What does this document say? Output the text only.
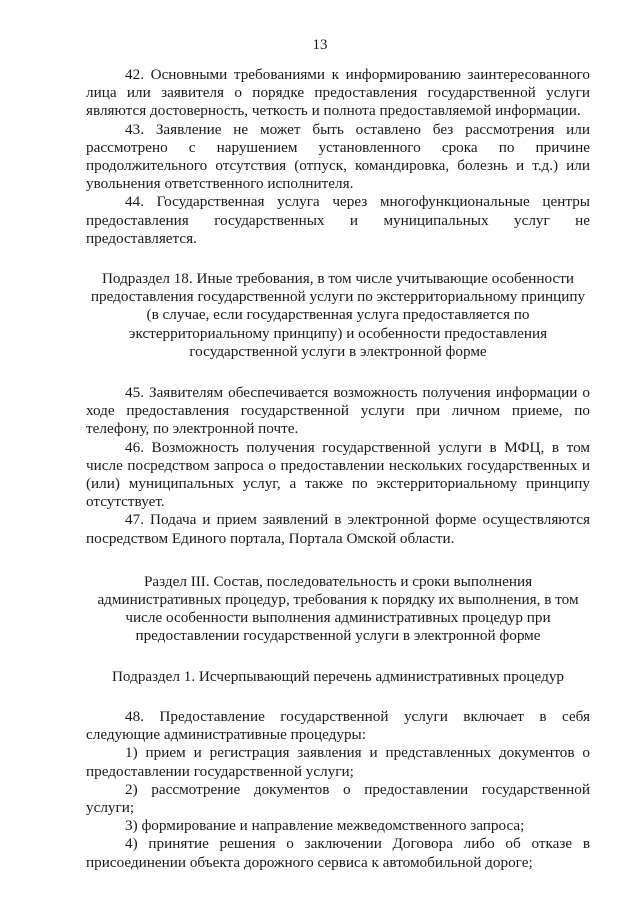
13

42. Основными требованиями к информированию заинтересованного лица или заявителя о порядке предоставления государственной услуги являются достоверность, четкость и полнота предоставляемой информации.

43. Заявление не может быть оставлено без рассмотрения или рассмотрено с нарушением установленного срока по причине продолжительного отсутствия (отпуск, командировка, болезнь и т.д.) или увольнения ответственного исполнителя.

44. Государственная услуга через многофункциональные центры предоставления государственных и муниципальных услуг не предоставляется.

Подраздел 18. Иные требования, в том числе учитывающие особенности

предоставления государственной услуги по экстерриториальному принципу

(в случае, если государственная услуга предоставляется по

экстерриториальному принципу) и особенности предоставления

государственной услуги в электронной форме

45. Заявителям обеспечивается возможность получения информации о ходе предоставления государственной услуги при личном приеме, по телефону, по электронной почте.

46. Возможность получения государственной услуги в МФЦ, в том числе посредством запроса о предоставлении нескольких государственных и (или) муниципальных услуг, а также по экстерриториальному принципу отсутствует.

47. Подача и прием заявлений в электронной форме осуществляются посредством Единого портала, Портала Омской области.

Раздел III. Состав, последовательность и сроки выполнения

административных процедур, требования к порядку их выполнения, в том

числе особенности выполнения административных процедур при

предоставлении государственной услуги в электронной форме

Подраздел 1. Исчерпывающий перечень административных процедур

48. Предоставление государственной услуги включает в себя следующие административные процедуры:

1) прием и регистрация заявления и представленных документов о предоставлении государственной услуги;

2) рассмотрение документов о предоставлении государственной услуги;

3) формирование и направление межведомственного запроса;

4) принятие решения о заключении Договора либо об отказе в присоединении объекта дорожного сервиса к автомобильной дороге;
